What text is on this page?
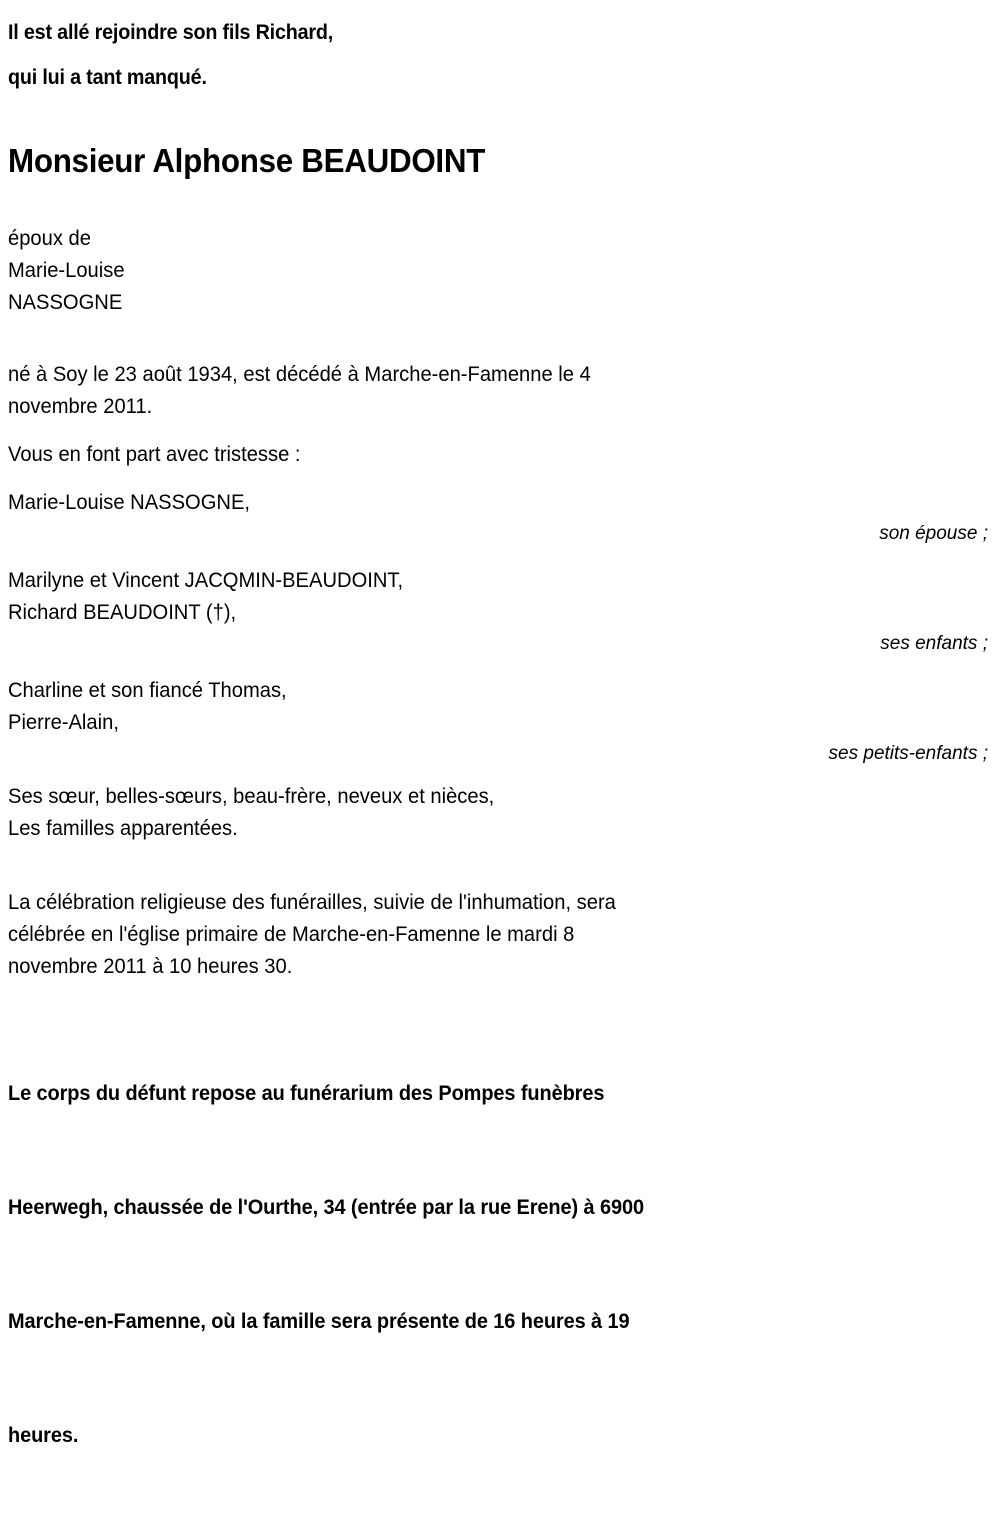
Il est allé rejoindre son fils Richard,
qui lui a tant manqué.
Monsieur Alphonse BEAUDOINT
époux de
Marie-Louise
NASSOGNE
né à Soy le 23 août 1934, est décédé à Marche-en-Famenne le 4
novembre 2011.
Vous en font part avec tristesse :
Marie-Louise NASSOGNE,
son épouse ;
Marilyne et Vincent JACQMIN-BEAUDOINT,
Richard BEAUDOINT (†),
ses enfants ;
Charline et son fiancé Thomas,
Pierre-Alain,
ses petits-enfants ;
Ses sœur, belles-sœurs, beau-frère, neveux et nièces,
Les familles apparentées.
La célébration religieuse des funérailles, suivie de l'inhumation, sera
célébrée en l'église primaire de Marche-en-Famenne le mardi 8
novembre 2011 à 10 heures 30.

Le corps du défunt repose au funérarium des Pompes funèbres

Heerwegh, chaussée de l'Ourthe, 34 (entrée par la rue Erene) à 6900

Marche-en-Famenne, où la famille sera présente de 16 heures à 19

heures.
